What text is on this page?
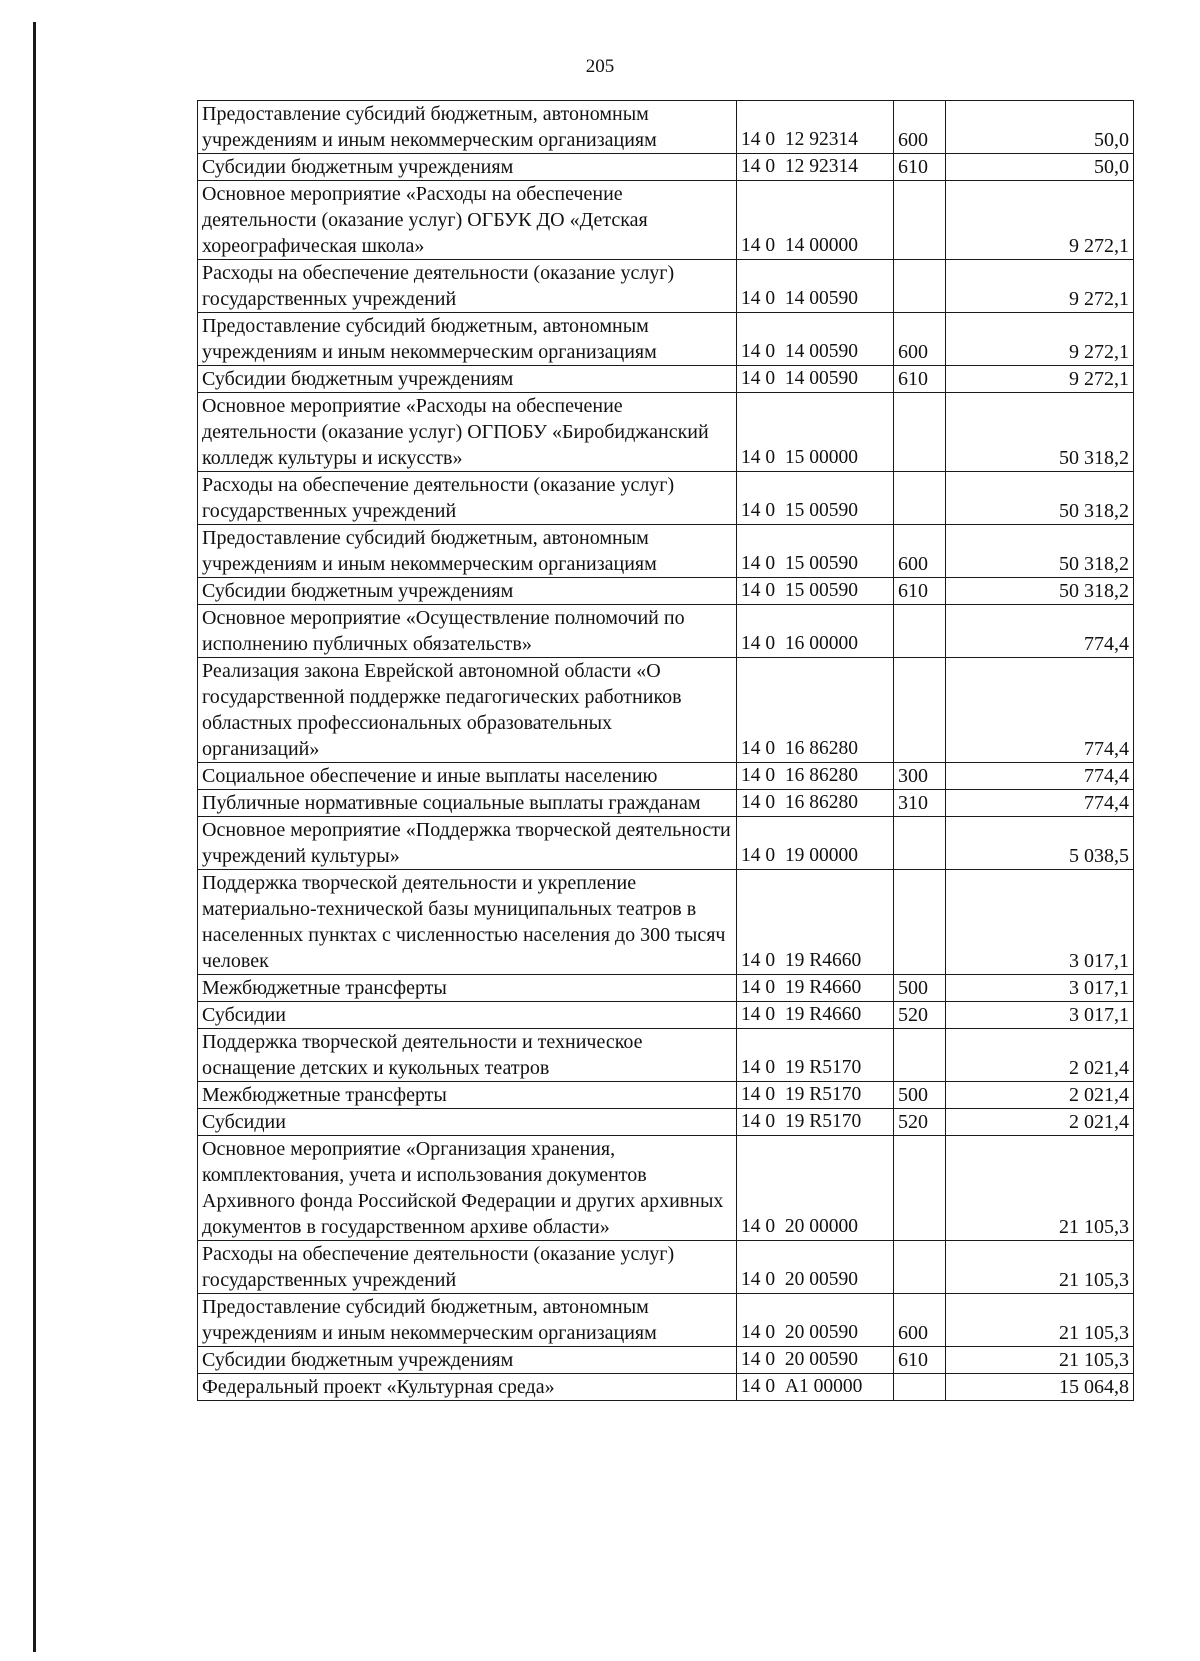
205
Предоставление субсидий бюджетным, автономным учреждениям и иным некоммерческим организациям	14 0  12 92314	600	50,0
Субсидии бюджетным учреждениям	14 0  12 92314	610	50,0
Основное мероприятие «Расходы на обеспечение деятельности (оказание услуг) ОГБУК ДО «Детская хореографическая школа»	14 0  14 00000		9 272,1
Расходы на обеспечение деятельности (оказание услуг) государственных учреждений	14 0  14 00590		9 272,1
Предоставление субсидий бюджетным, автономным учреждениям и иным некоммерческим организациям	14 0  14 00590	600	9 272,1
Субсидии бюджетным учреждениям	14 0  14 00590	610	9 272,1
Основное мероприятие «Расходы на обеспечение деятельности (оказание услуг) ОГПОБУ «Биробиджанский колледж культуры и искусств»	14 0  15 00000		50 318,2
Расходы на обеспечение деятельности (оказание услуг) государственных учреждений	14 0  15 00590		50 318,2
Предоставление субсидий бюджетным, автономным учреждениям и иным некоммерческим организациям	14 0  15 00590	600	50 318,2
Субсидии бюджетным учреждениям	14 0  15 00590	610	50 318,2
Основное мероприятие «Осуществление полномочий по исполнению публичных обязательств»	14 0  16 00000		774,4
Реализация закона Еврейской автономной области «О государственной поддержке педагогических работников областных профессиональных образовательных организаций»	14 0  16 86280		774,4
Социальное обеспечение и иные выплаты населению	14 0  16 86280	300	774,4
Публичные нормативные социальные выплаты гражданам	14 0  16 86280	310	774,4
Основное мероприятие «Поддержка творческой деятельности учреждений культуры»	14 0  19 00000		5 038,5
Поддержка творческой деятельности и укрепление материально-технической базы муниципальных театров в населенных пунктах с численностью населения до 300 тысяч человек	14 0  19 R4660		3 017,1
Межбюджетные трансферты	14 0  19 R4660	500	3 017,1
Субсидии	14 0  19 R4660	520	3 017,1
Поддержка творческой деятельности и техническое оснащение детских и кукольных театров	14 0  19 R5170		2 021,4
Межбюджетные трансферты	14 0  19 R5170	500	2 021,4
Субсидии	14 0  19 R5170	520	2 021,4
Основное мероприятие «Организация хранения, комплектования, учета и использования документов Архивного фонда Российской Федерации и других архивных документов в государственном архиве области»	14 0  20 00000		21 105,3
Расходы на обеспечение деятельности (оказание услуг) государственных учреждений	14 0  20 00590		21 105,3
Предоставление субсидий бюджетным, автономным учреждениям и иным некоммерческим организациям	14 0  20 00590	600	21 105,3
Субсидии бюджетным учреждениям	14 0  20 00590	610	21 105,3
Федеральный проект «Культурная среда»	14 0  А1 00000		15 064,8
